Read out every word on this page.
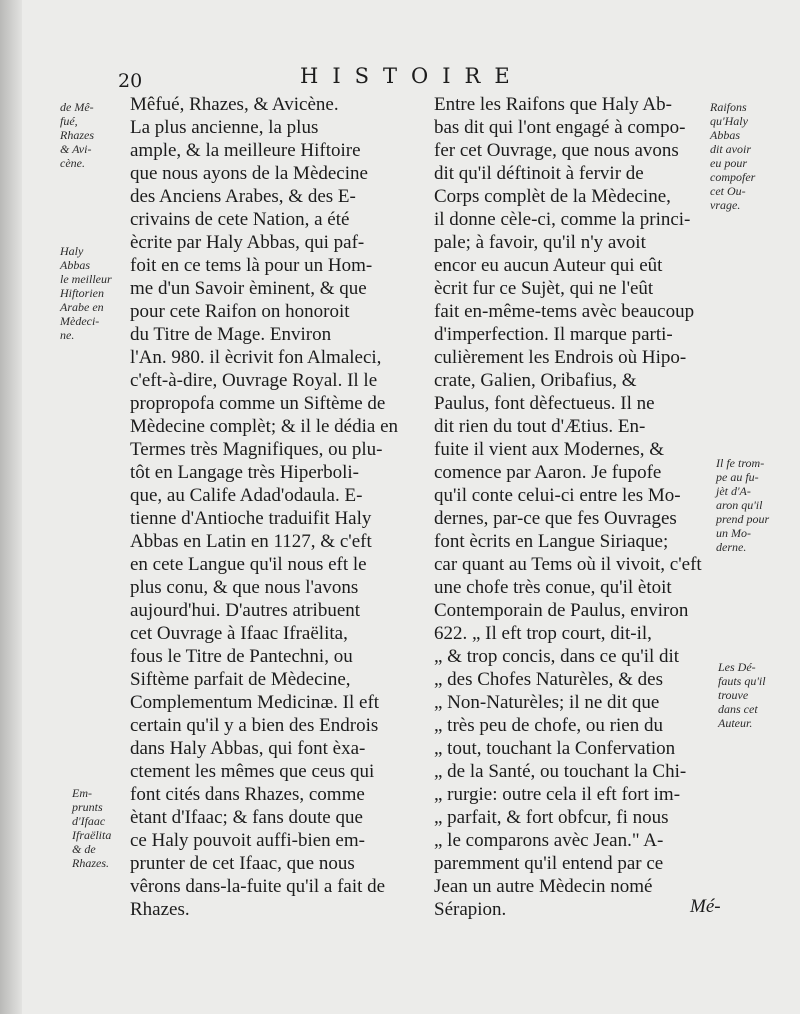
20	HISTOIRE
Mêfué, Rhazes, & Avicène.
La plus ancienne, la plus
ample, & la meilleure Hiftoire
que nous ayons de la Mèdecine
des Anciens Arabes, & des E-
crivains de cete Nation, a été
ècrite par Haly Abbas, qui paf-
foit en ce tems là pour un Hom-
me d'un Savoir èminent, & que
pour cete Raifon on honoroit
du Titre de Mage. Environ
l'An. 980. il ècrivit fon Almaleci,
c'eft-à-dire, Ouvrage Royal. Il le
propropofa comme un Siftème de
Mèdecine complèt; & il le dédia en
Termes très Magnifiques, ou plu-
tôt en Langage très Hiperboli-
que, au Calife Adad'odaula. E-
tienne d'Antioche traduifit Haly
Abbas en Latin en 1127, & c'eft
en cete Langue qu'il nous eft le
plus conu, & que nous l'avons
aujourd'hui. D'autres atribuent
cet Ouvrage à Ifaac Ifraëlita,
fous le Titre de Pantechni, ou
Siftème parfait de Mèdecine,
Complementum Medicinæ. Il eft
certain qu'il y a bien des Endrois
dans Haly Abbas, qui font èxa-
ctement les mêmes que ceus qui
font cités dans Rhazes, comme
ètant d'Ifaac; & fans doute que
ce Haly pouvoit auffi-bien em-
prunter de cet Ifaac, que nous
vêrons dans-la-fuite qu'il a fait de
Rhazes.
Entre les Raifons que Haly Ab-
bas dit qui l'ont engagé à compo-
fer cet Ouvrage, que nous avons
dit qu'il déftinoit à fervir de
Corps complèt de la Mèdecine,
il donne cèle-ci, comme la princi-
pale; à favoir, qu'il n'y avoit
encor eu aucun Auteur qui eût
ècrit fur ce Sujèt, qui ne l'eût
fait en-même-tems avèc beaucoup
d'imperfection. Il marque parti-
culièrement les Endrois où Hipo-
crate, Galien, Oribafius, &
Paulus, font dèfectueus. Il ne
dit rien du tout d'Ætius. En-
fuite il vient aux Modernes, &
comence par Aaron. Je fupofe
qu'il conte celui-ci entre les Mo-
dernes, par-ce que fes Ouvrages
font ècrits en Langue Siriaque;
car quant au Tems où il vivoit, c'eft
une chofe très conue, qu'il ètoit
Contemporain de Paulus, environ
622. „ Il eft trop court, dit-il,
„ & trop concis, dans ce qu'il dit
„ des Chofes Naturèles, & des
„ Non-Naturèles; il ne dit que
„ très peu de chofe, ou rien du
„ tout, touchant la Confervation
„ de la Santé, ou touchant la Chi-
„ rurgie: outre cela il eft fort im-
„ parfait, & fort obfcur, fi nous
„ le comparons avèc Jean." A-
paremment qu'il entend par ce
Jean un autre Mèdecin nomé
Sérapion.
de Mê-
fué,
Rhazes
& Avi-
cène.
Haly
Abbas
le meilleur
Hiftorien
Arabe en
Mèdeci-
ne.
Em-
prunts
d'Ifaac
Ifraëlita
& de
Rhazes.
Raifons
qu'Haly
Abbas
dit avoir
eu pour
compofer
cet Ou-
vrage.
Il fe trom-
pe au fu-
jèt d'A-
aron qu'il
prend pour
un Mo-
derne.
Les Dé-
fauts qu'il
trouve
dans cet
Auteur.
Mé-
